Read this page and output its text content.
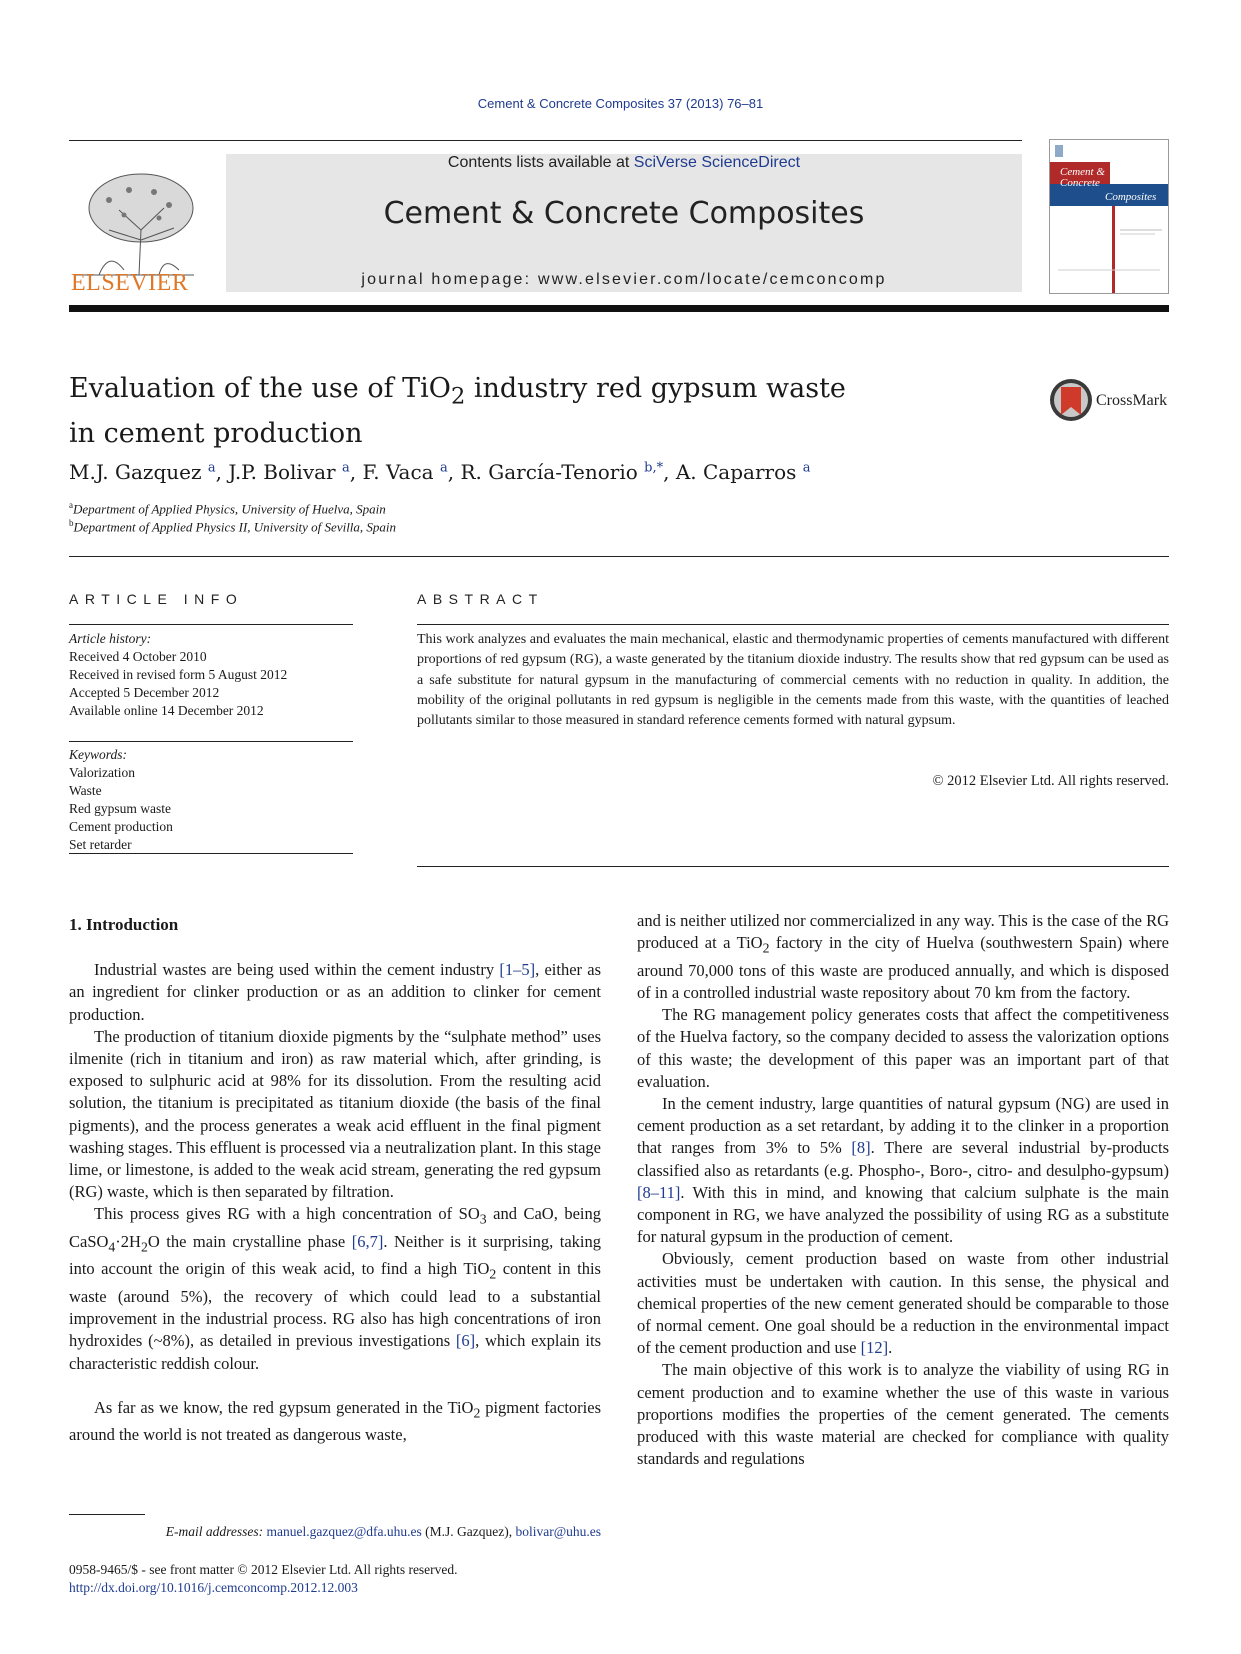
Cement & Concrete Composites 37 (2013) 76–81
ELSEVIER
Contents lists available at SciVerse ScienceDirect
Cement & Concrete Composites
journal homepage: www.elsevier.com/locate/cemconcomp
Cement &
Concrete
Composites
Evaluation of the use of TiO$_2$ industry red gypsum waste
in cement production
CrossMark
M.J. Gazquez $^a$, J.P. Bolivar $^a$, F. Vaca $^a$, R. García-Tenorio $^{b,*}$, A. Caparros $^a$
$^a$Department of Applied Physics, University of Huelva, Spain
$^b$Department of Applied Physics II, University of Sevilla, Spain
ARTICLE INFO
Article history:
Received 4 October 2010
Received in revised form 5 August 2012
Accepted 5 December 2012
Available online 14 December 2012
Keywords:
Valorization
Waste
Red gypsum waste
Cement production
Set retarder
ABSTRACT
This work analyzes and evaluates the main mechanical, elastic and thermodynamic properties of cements manufactured with different proportions of red gypsum (RG), a waste generated by the titanium dioxide industry. The results show that red gypsum can be used as a safe substitute for natural gypsum in the manufacturing of commercial cements with no reduction in quality. In addition, the mobility of the original pollutants in red gypsum is negligible in the cements made from this waste, with the quantities of leached pollutants similar to those measured in standard reference cements formed with natural gypsum.
© 2012 Elsevier Ltd. All rights reserved.
1. Introduction

Industrial wastes are being used within the cement industry [1–5], either as an ingredient for clinker production or as an addition to clinker for cement production.

The production of titanium dioxide pigments by the “sulphate method” uses ilmenite (rich in titanium and iron) as raw material which, after grinding, is exposed to sulphuric acid at 98% for its dissolution. From the resulting acid solution, the titanium is precipitated as titanium dioxide (the basis of the final pigments), and the process generates a weak acid effluent in the final pigment washing stages. This effluent is processed via a neutralization plant. In this stage lime, or limestone, is added to the weak acid stream, generating the red gypsum (RG) waste, which is then separated by filtration.

This process gives RG with a high concentration of $SO_3$ and CaO, being $CaSO_4\cdot 2H_2O$ the main crystalline phase [6,7]. Neither is it surprising, taking into account the origin of this weak acid, to find a high TiO$_2$ content in this waste (around 5%), the recovery of which could lead to a substantial improvement in the industrial process. RG also has high concentrations of iron hydroxides (~8%), as detailed in previous investigations [6], which explain its characteristic reddish colour.

As far as we know, the red gypsum generated in the TiO$_2$ pigment factories around the world is not treated as dangerous waste,

and is neither utilized nor commercialized in any way. This is the case of the RG produced at a TiO$_2$ factory in the city of Huelva (southwestern Spain) where around 70,000 tons of this waste are produced annually, and which is disposed of in a controlled industrial waste repository about 70 km from the factory.

The RG management policy generates costs that affect the competitiveness of the Huelva factory, so the company decided to assess the valorization options of this waste; the development of this paper was an important part of that evaluation.

In the cement industry, large quantities of natural gypsum (NG) are used in cement production as a set retardant, by adding it to the clinker in a proportion that ranges from 3% to 5% [8]. There are several industrial by-products classified also as retardants (e.g. Phospho-, Boro-, citro- and desulpho-gypsum) [8–11]. With this in mind, and knowing that calcium sulphate is the main component in RG, we have analyzed the possibility of using RG as a substitute for natural gypsum in the production of cement.

Obviously, cement production based on waste from other industrial activities must be undertaken with caution. In this sense, the physical and chemical properties of the new cement generated should be comparable to those of normal cement. One goal should be a reduction in the environmental impact of the cement production and use [12].

The main objective of this work is to analyze the viability of using RG in cement production and to examine whether the use of this waste in various proportions modifies the properties of the cement generated. The cements produced with this waste material are checked for compliance with quality standards and regulations

E-mail addresses: manuel.gazquez@dfa.uhu.es (M.J. Gazquez), bolivar@uhu.es
0958-9465/$ - see front matter © 2012 Elsevier Ltd. All rights reserved.
http://dx.doi.org/10.1016/j.cemconcomp.2012.12.003
